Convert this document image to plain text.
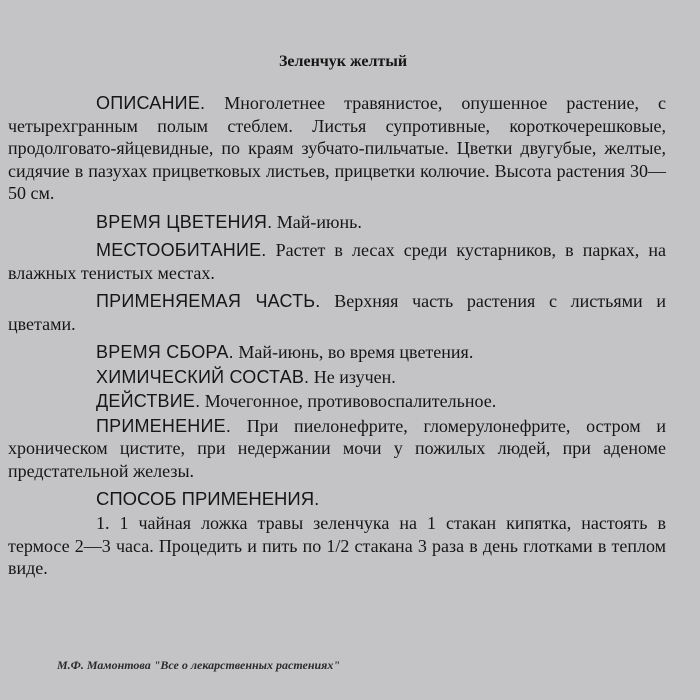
Зеленчук желтый

ОПИСАНИЕ. Многолетнее травянистое, опушенное растение, с четырехгранным полым стеблем. Листья супротивные, короткочерешковые, продолговато-яйцевидные, по краям зубчато-пильчатые. Цветки двугубые, желтые, сидячие в пазухах прицветковых листьев, прицветки колючие. Высота растения 30—50 см.

ВРЕМЯ ЦВЕТЕНИЯ. Май-июнь.

МЕСТООБИТАНИЕ. Растет в лесах среди кустарников, в парках, на влажных тенистых местах.

ПРИМЕНЯЕМАЯ ЧАСТЬ. Верхняя часть растения с листьями и цветами.

ВРЕМЯ СБОРА. Май-июнь, во время цветения.

ХИМИЧЕСКИЙ СОСТАВ. Не изучен.

ДЕЙСТВИЕ. Мочегонное, противовоспалительное.

ПРИМЕНЕНИЕ. При пиелонефрите, гломерулонефрите, остром и хроническом цистите, при недержании мочи у пожилых людей, при аденоме предстательной железы.

СПОСОБ ПРИМЕНЕНИЯ.

1. 1 чайная ложка травы зеленчука на 1 стакан кипятка, настоять в термосе 2—3 часа. Процедить и пить по 1/2 стакана 3 раза в день глотками в теплом виде.

М.Ф. Мамонтова "Все о лекарственных растениях"
